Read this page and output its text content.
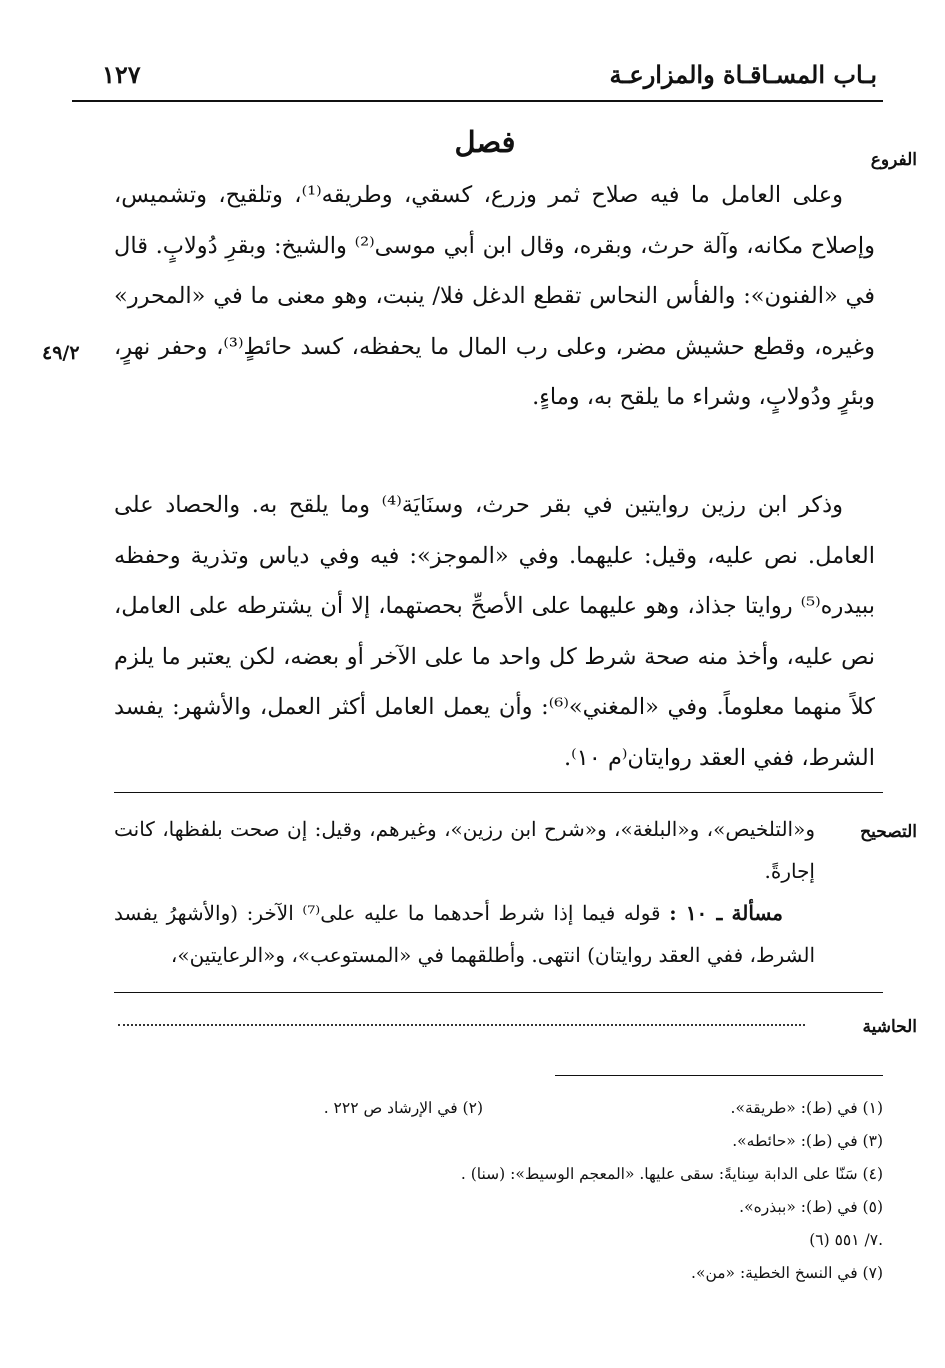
بـاب المسـاقـاة والمزارعـة
١٢٧
الفروع
٤٩/٢
التصحيح
الحاشية
فصل
وعلى العامل ما فيه صلاح ثمر وزرع، كسقي، وطريقه⁽¹⁾، وتلقيح، وتشميس، وإصلاح مكانه، وآلة حرث، وبقره، وقال ابن أبي موسى⁽²⁾ والشيخ: وبقرِ دُولابٍ. قال في «الفنون»: والفأس النحاس تقطع الدغل فلا/ ينبت، وهو معنى ما في «المحرر» وغيره، وقطع حشيش مضر، وعلى رب المال ما يحفظه، كسد حائطٍ⁽³⁾، وحفر نهرٍ، وبئرٍ ودُولابٍ، وشراء ما يلقح به، وماءٍ.
وذكر ابن رزين روايتين في بقر حرث، وسنَايَة⁽⁴⁾ وما يلقح به. والحصاد على العامل. نص عليه، وقيل: عليهما. وفي «الموجز»: فيه وفي دياس وتذرية وحفظه ببيدره⁽⁵⁾ روايتا جذاذ، وهو عليهما على الأصحِّ بحصتهما، إلا أن يشترطه على العامل، نص عليه، وأخذ منه صحة شرط كل واحد ما على الآخر أو بعضه، لكن يعتبر ما يلزم كلاً منهما معلوماً. وفي «المغني»⁽⁶⁾: وأن يعمل العامل أكثر العمل، والأشهر: يفسد الشرط، ففي العقد روايتان⁽م ١٠⁾.
و«التلخيص»، و«البلغة»، و«شرح ابن رزين»، وغيرهم، وقيل: إن صحت بلفظها، كانت إجارةً.
مسألة ـ ١٠ : قوله فيما إذا شرط أحدهما ما عليه على⁽⁷⁾ الآخر: (والأشهرُ يفسد الشرط، ففي العقد روايتان) انتهى. وأطلقهما في «المستوعب»، و«الرعايتين»،
(١) في (ط): «طريقة».
(٢) في الإرشاد ص ٢٢٢ .
(٣) في (ط): «حائطه».
(٤) سَنّا على الدابة سِنايةً: سقى عليها. «المعجم الوسيط»: (سنا) .
(٥) في (ط): «ببذره».
(٦) ٧/ ٥٥١.
(٧) في النسخ الخطية: «من».
